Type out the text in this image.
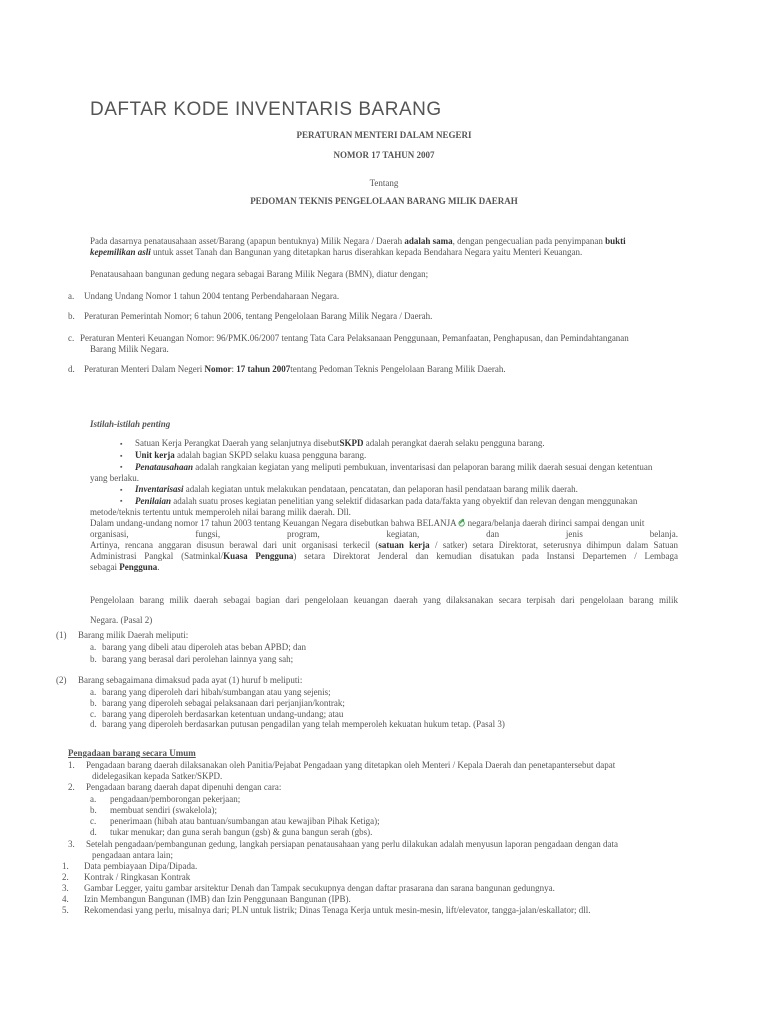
DAFTAR KODE INVENTARIS BARANG
PERATURAN MENTERI DALAM NEGERI
NOMOR 17 TAHUN 2007
Tentang
PEDOMAN TEKNIS PENGELOLAAN BARANG MILIK DAERAH
Pada dasarnya penatausahaan asset/Barang (apapun bentuknya) Milik Negara / Daerah adalah sama, dengan pengecualian pada penyimpanan bukti
kepemilikan asli untuk asset Tanah dan Bangunan yang ditetapkan harus diserahkan kepada Bendahara Negara yaitu Menteri Keuangan.
Penatausahaan bangunan gedung negara sebagai Barang Milik Negara (BMN), diatur dengan;
a. Undang Undang Nomor 1 tahun 2004 tentang Perbendaharaan Negara.
b. Peraturan Pemerintah Nomor; 6 tahun 2006, tentang Pengelolaan Barang Milik Negara / Daerah.
c. Peraturan Menteri Keuangan Nomor: 96/PMK.06/2007 tentang Tata Cara Pelaksanaan Penggunaan, Pemanfaatan, Penghapusan, dan Pemindahtanganan
Barang Milik Negara.
d. Peraturan Menteri Dalam Negeri Nomor: 17 tahun 2007tentang Pedoman Teknis Pengelolaan Barang Milik Daerah.
Istilah-istilah penting
▪ Satuan Kerja Perangkat Daerah yang selanjutnya disebutSKPD adalah perangkat daerah selaku pengguna barang.
▪ Unit kerja adalah bagian SKPD selaku kuasa pengguna barang.
▪ Penatausahaan adalah rangkaian kegiatan yang meliputi pembukuan, inventarisasi dan pelaporan barang milik daerah sesuai dengan ketentuan
yang berlaku.
▪ Inventarisasi adalah kegiatan untuk melakukan pendataan, pencatatan, dan pelaporan hasil pendataan barang milik daerah.
▪ Penilaian adalah suatu proses kegiatan penelitian yang selektif didasarkan pada data/fakta yang obyektif dan relevan dengan menggunakan
metode/teknis tertentu untuk memperoleh nilai barang milik daerah. Dll.
Dalam undang-undang nomor 17 tahun 2003 tentang Keuangan Negara disebutkan bahwa BELANJA negara/belanja daerah dirinci sampai dengan unit
organisasi,	fungsi,	program,	kegiatan,	dan	jenis	belanja.
Artinya, rencana anggaran disusun berawal dari unit organisasi terkecil (satuan kerja / satker) setara Direktorat, seterusnya dihimpun dalam Satuan
Administrasi Pangkal (Satminkal/Kuasa Pengguna) setara Direktorat Jenderal dan kemudian disatukan pada Instansi Departemen / Lembaga
sebagai Pengguna.
Pengelolaan barang milik daerah sebagai bagian dari pengelolaan keuangan daerah yang dilaksanakan secara terpisah dari pengelolaan barang milik
Negara. (Pasal 2)
(1) Barang milik Daerah meliputi:
a. barang yang dibeli atau diperoleh atas beban APBD; dan
b. barang yang berasal dari perolehan lainnya yang sah;
(2) Barang sebagaimana dimaksud pada ayat (1) huruf b meliputi:
a. barang yang diperoleh dari hibah/sumbangan atau yang sejenis;
b. barang yang diperoleh sebagai pelaksanaan dari perjanjian/kontrak;
c. barang yang diperoleh berdasarkan ketentuan undang-undang; atau
d. barang yang diperoleh berdasarkan putusan pengadilan yang telah memperoleh kekuatan hukum tetap. (Pasal 3)
Pengadaan barang secara Umum
1. Pengadaan barang daerah dilaksanakan oleh Panitia/Pejabat Pengadaan yang ditetapkan oleh Menteri / Kepala Daerah dan penetapantersebut dapat
didelegasikan kepada Satker/SKPD.
2. Pengadaan barang daerah dapat dipenuhi dengan cara:
a. pengadaan/pemborongan pekerjaan;
b. membuat sendiri (swakelola);
c. penerimaan (hibah atau bantuan/sumbangan atau kewajiban Pihak Ketiga);
d. tukar menukar; dan guna serah bangun (gsb) & guna bangun serah (gbs).
3. Setelah pengadaan/pembangunan gedung, langkah persiapan penatausahaan yang perlu dilakukan adalah menyusun laporan pengadaan dengan data
pengadaan antara lain;
1. Data pembiayaan Dipa/Dipada.
2. Kontrak / Ringkasan Kontrak
3. Gambar Legger, yaitu gambar arsitektur Denah dan Tampak secukupnya dengan daftar prasarana dan sarana bangunan gedungnya.
4. Izin Membangun Bangunan (IMB) dan Izin Penggunaan Bangunan (IPB).
5. Rekomendasi yang perlu, misalnya dari; PLN untuk listrik; Dinas Tenaga Kerja untuk mesin-mesin, lift/elevator, tangga-jalan/eskallator; dll.
